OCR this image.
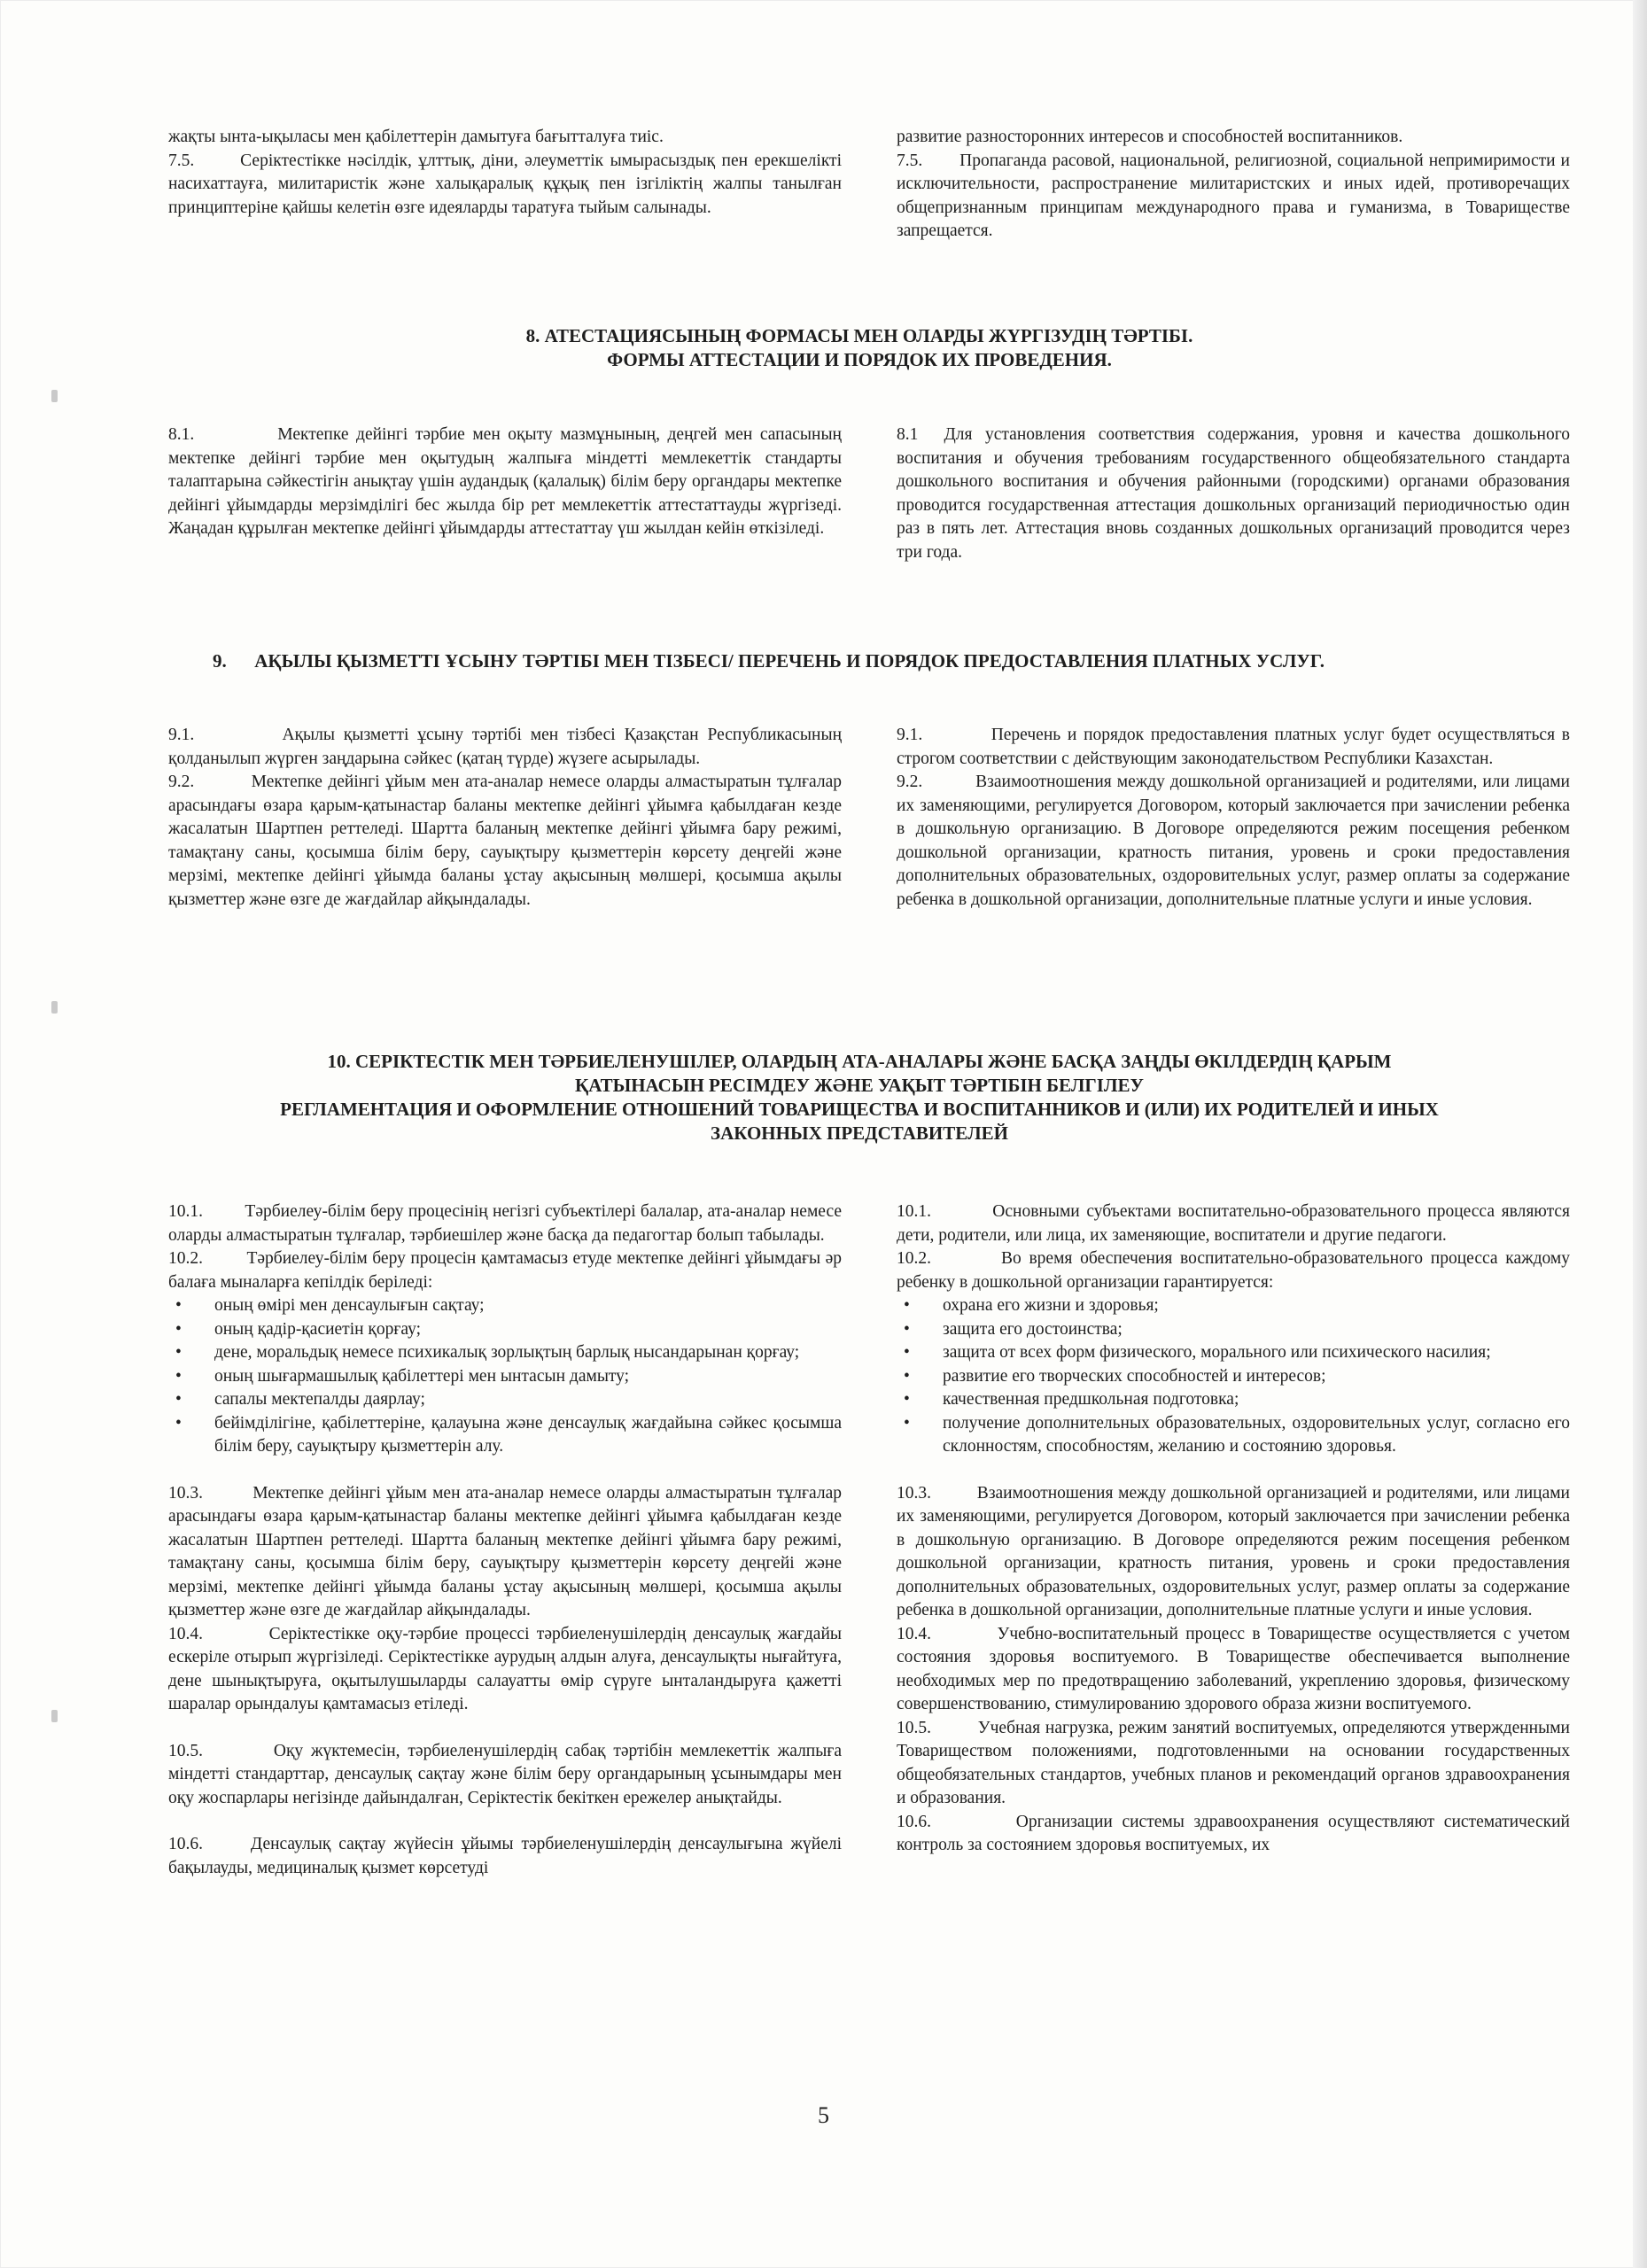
жақты ынта-ықыласы мен қабілеттерін дамытуға бағытталуға тиіс.

7.5.       Серіктестікке нәсілдік, ұлттық, діни, әлеуметтік ымырасыздық пен ерекшелікті насихаттауға, милитаристік және халықаралық құқық пен ізгіліктің жалпы танылған принциптеріне қайшы келетін өзге идеяларды таратуға тыйым салынады.

развитие разносторонних интересов и способностей воспитанников.

7.5.       Пропаганда расовой, национальной, религиозной, социальной непримиримости и исключительности, распространение милитаристских и иных идей, противоречащих общепризнанным принципам международного права и гуманизма, в Товариществе запрещается.

8. АТЕСТАЦИЯСЫНЫҢ ФОРМАСЫ МЕН ОЛАРДЫ ЖҮРГІЗУДІҢ ТӘРТІБІ.
ФОРМЫ АТТЕСТАЦИИ И ПОРЯДОК ИХ ПРОВЕДЕНИЯ.

8.1.           Мектепке дейінгі тәрбие мен оқыту мазмұнының, деңгей мен сапасының мектепке дейінгі тәрбие мен оқытудың жалпыға міндетті мемлекеттік стандарты талаптарына сәйкестігін анықтау үшін аудандық (қалалық) білім беру органдары мектепке дейінгі ұйымдарды мерзімділігі бес жылда бір рет мемлекеттік аттестаттауды жүргізеді. Жаңадан құрылған мектепке дейінгі ұйымдарды аттестаттау үш жылдан кейін өткізіледі.

8.1  Для установления соответствия содержания, уровня и качества дошкольного воспитания и обучения требованиям государственного общеобязательного стандарта дошкольного воспитания и обучения районными (городскими) органами образования проводится государственная аттестация дошкольных организаций периодичностью один раз в пять лет. Аттестация вновь созданных дошкольных организаций проводится через три года.

9.      АҚЫЛЫ ҚЫЗМЕТТІ ҰСЫНУ ТӘРТІБІ МЕН ТІЗБЕСІ/ ПЕРЕЧЕНЬ И ПОРЯДОК ПРЕДОСТАВЛЕНИЯ ПЛАТНЫХ УСЛУГ.

9.1.          Ақылы қызметті ұсыну тәртібі мен тізбесі Қазақстан Республикасының қолданылып жүрген заңдарына сәйкес (қатаң түрде) жүзеге асырылады.

9.2.          Мектепке дейінгі ұйым мен ата-аналар немесе оларды алмастыратын тұлғалар арасындағы өзара қарым-қатынастар баланы мектепке дейінгі ұйымға қабылдаған кезде жасалатын Шартпен реттеледі. Шартта баланың мектепке дейінгі ұйымға бару режимі, тамақтану саны, қосымша білім беру, сауықтыру қызметтерін көрсету деңгейі және мерзімі, мектепке дейінгі ұйымда баланы ұстау ақысының мөлшері, қосымша ақылы қызметтер және өзге де жағдайлар айқындалады.

9.1.          Перечень и порядок предоставления платных услуг будет осуществляться в строгом соответствии с действующим законодательством Республики Казахстан.

9.2.          Взаимоотношения между дошкольной организацией и родителями, или лицами их заменяющими, регулируется Договором, который заключается при зачислении ребенка в дошкольную организацию. В Договоре определяются режим посещения ребенком дошкольной организации, кратность питания, уровень и сроки предоставления дополнительных образовательных, оздоровительных услуг, размер оплаты за содержание ребенка в дошкольной организации, дополнительные платные услуги и иные условия.

10. СЕРІКТЕСТІК МЕН ТӘРБИЕЛЕНУШІЛЕР, ОЛАРДЫҢ АТА-АНАЛАРЫ ЖӘНЕ БАСҚА ЗАҢДЫ ӨКІЛДЕРДІҢ ҚАРЫМ
ҚАТЫНАСЫН РЕСІМДЕУ ЖӘНЕ УАҚЫТ ТӘРТІБІН БЕЛГІЛЕУ
РЕГЛАМЕНТАЦИЯ И ОФОРМЛЕНИЕ ОТНОШЕНИЙ ТОВАРИЩЕСТВА И ВОСПИТАННИКОВ И (ИЛИ) ИХ РОДИТЕЛЕЙ И ИНЫХ
ЗАКОННЫХ ПРЕДСТАВИТЕЛЕЙ

10.1.         Тәрбиелеу-білім беру процесінің негізгі субъектілері балалар, ата-аналар немесе оларды алмастыратын тұлғалар, тәрбиешілер және басқа да педагогтар болып табылады.

10.2.         Тәрбиелеу-білім беру процесін қамтамасыз етуде мектепке дейінгі ұйымдағы әр балаға мыналарға кепілдік беріледі:

• оның өмірі мен денсаулығын сақтау;
• оның қадір-қасиетін қорғау;
• дене, моральдық немесе психикалық зорлықтың барлық нысандарынан қорғау;
• оның шығармашылық қабілеттері мен ынтасын дамыту;
• сапалы мектепалды даярлау;
• бейімділігіне, қабілеттеріне, қалауына және денсаулық жағдайына сәйкес қосымша білім беру, сауықтыру қызметтерін алу.

10.3.         Мектепке дейінгі ұйым мен ата-аналар немесе оларды алмастыратын тұлғалар арасындағы өзара қарым-қатынастар баланы мектепке дейінгі ұйымға қабылдаған кезде жасалатын Шартпен реттеледі. Шартта баланың мектепке дейінгі ұйымға бару режимі, тамақтану саны, қосымша білім беру, сауықтыру қызметтерін көрсету деңгейі және мерзімі, мектепке дейінгі ұйымда баланы ұстау ақысының мөлшері, қосымша ақылы қызметтер және өзге де жағдайлар айқындалады.

10.4.         Серіктестікке оқу-тәрбие процессі тәрбиеленушілердің денсаулық жағдайы ескеріле отырып жүргізіледі. Серіктестікке аурудың алдын алуға, денсаулықты нығайтуға, дене шынықтыруға, оқытылушыларды салауатты өмір сүруге ынталандыруға қажетті шаралар орындалуы қамтамасыз етіледі.

10.5.         Оқу жүктемесін, тәрбиеленушілердің сабақ тәртібін мемлекеттік жалпыға міндетті стандарттар, денсаулық сақтау және білім беру органдарының ұсынымдары мен оқу жоспарлары негізінде дайындалған, Серіктестік бекіткен ережелер анықтайды.

10.6.      Денсаулық сақтау жүйесін ұйымы тәрбиеленушілердің денсаулығына жүйелі бақылауды, медициналық қызмет көрсетуді

10.1.         Основными субъектами воспитательно-образовательного процесса являются дети, родители, или лица, их заменяющие, воспитатели и другие педагоги.

10.2.         Во время обеспечения воспитательно-образовательного процесса каждому ребенку в дошкольной организации гарантируется:

• охрана его жизни и здоровья;
• защита его достоинства;
• защита от всех форм физического, морального или психического насилия;
• развитие его творческих способностей и интересов;
• качественная предшкольная подготовка;
• получение дополнительных образовательных, оздоровительных услуг, согласно его склонностям, способностям, желанию и состоянию здоровья.

10.3.         Взаимоотношения между дошкольной организацией и родителями, или лицами их заменяющими, регулируется Договором, который заключается при зачислении ребенка в дошкольную организацию. В Договоре определяются режим посещения ребенком дошкольной организации, кратность питания, уровень и сроки предоставления дополнительных образовательных, оздоровительных услуг, размер оплаты за содержание ребенка в дошкольной организации, дополнительные платные услуги и иные условия.

10.4.         Учебно-воспитательный процесс в Товариществе осуществляется с учетом состояния здоровья воспитуемого. В Товариществе обеспечивается выполнение необходимых мер по предотвращению заболеваний, укреплению здоровья, физическому совершенствованию, стимулированию здорового образа жизни воспитуемого.

10.5.         Учебная нагрузка, режим занятий воспитуемых, определяются утвержденными Товариществом положениями, подготовленными на основании государственных общеобязательных стандартов, учебных планов и рекомендаций органов здравоохранения и образования.

10.6.         Организации системы здравоохранения осуществляют систематический контроль за состоянием здоровья воспитуемых, их

5
